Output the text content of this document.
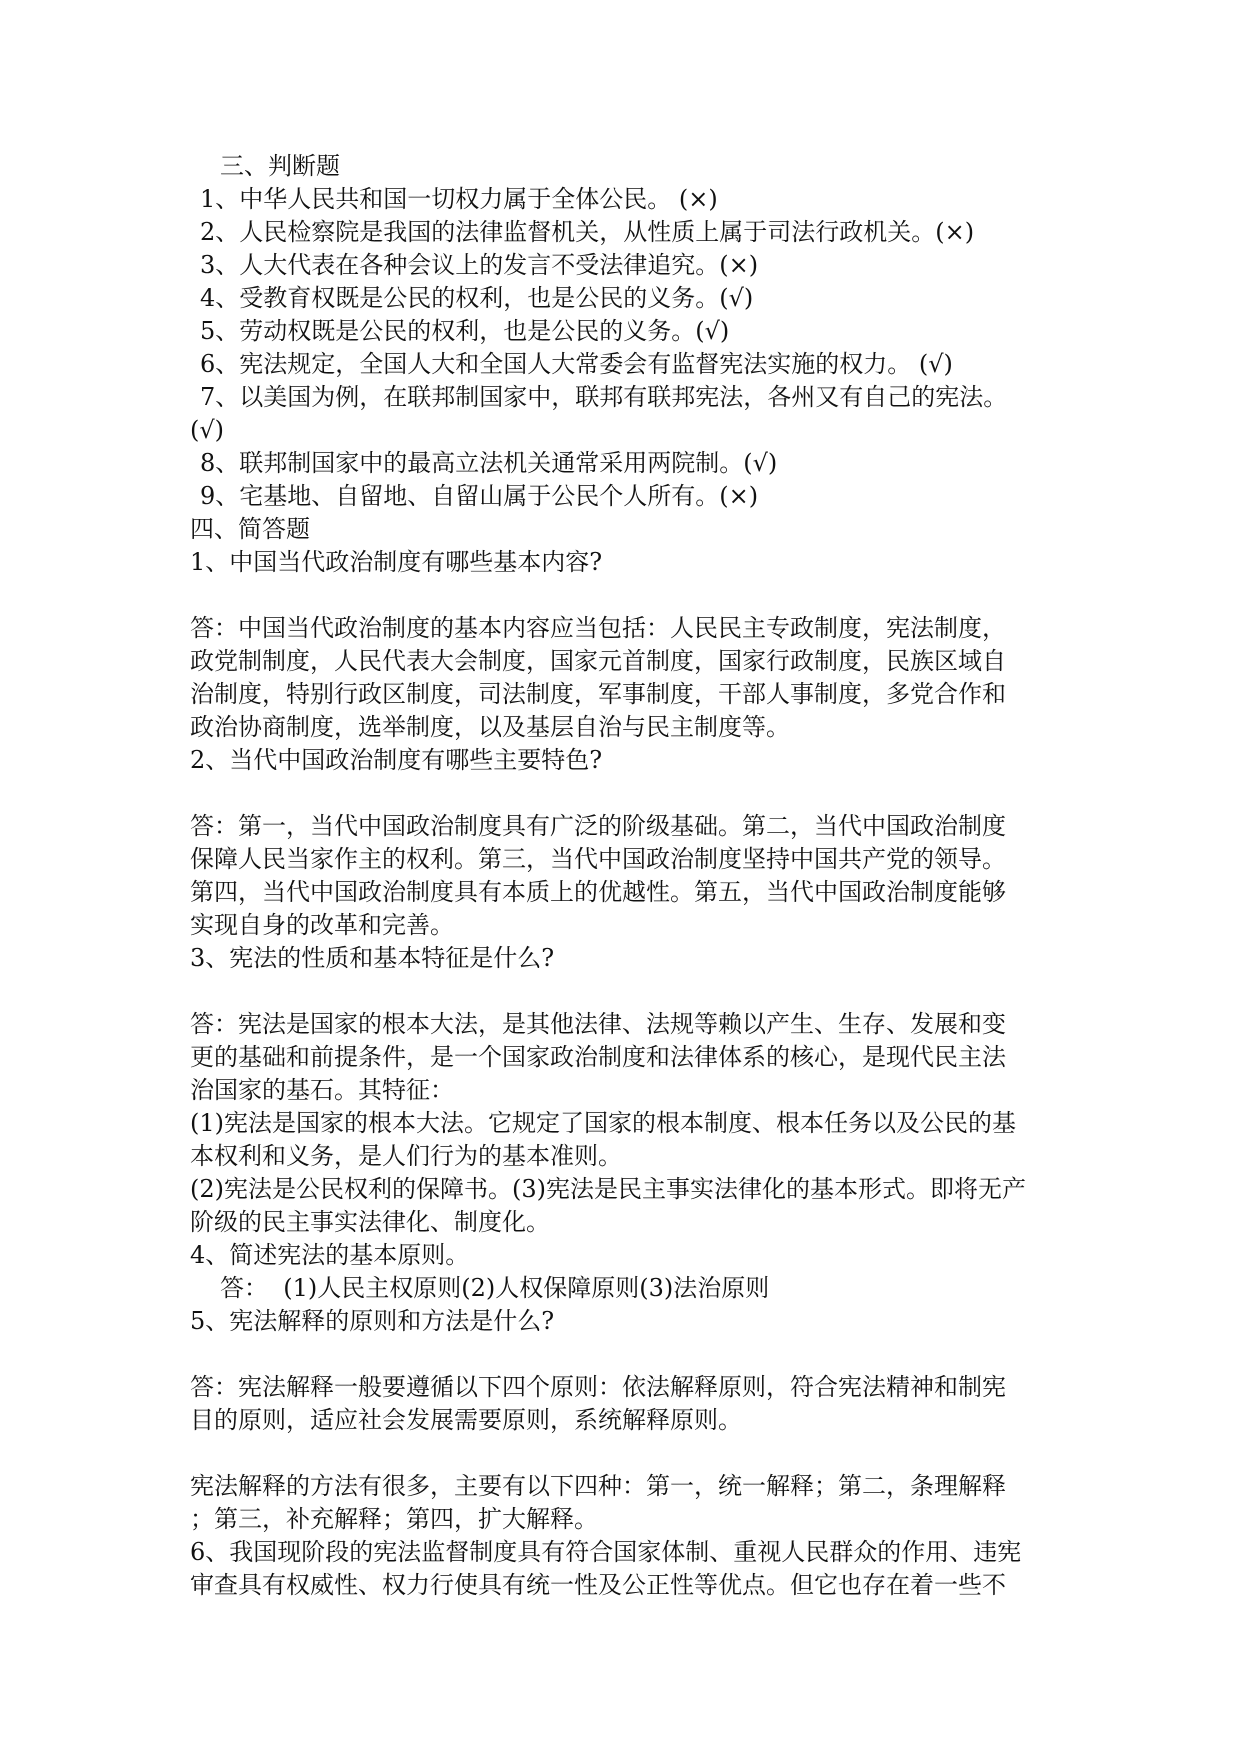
三、判断题
1、中华人民共和国一切权力属于全体公民。 (×)
2、人民检察院是我国的法律监督机关，从性质上属于司法行政机关。(×)
3、人大代表在各种会议上的发言不受法律追究。(×)
4、受教育权既是公民的权利，也是公民的义务。(√)
5、劳动权既是公民的权利，也是公民的义务。(√)
6、宪法规定，全国人大和全国人大常委会有监督宪法实施的权力。 (√)
7、以美国为例，在联邦制国家中，联邦有联邦宪法，各州又有自己的宪法。
(√)
8、联邦制国家中的最高立法机关通常采用两院制。(√)
9、宅基地、自留地、自留山属于公民个人所有。(×)
四、简答题
1、中国当代政治制度有哪些基本内容?
答：中国当代政治制度的基本内容应当包括：人民民主专政制度，宪法制度，
政党制制度，人民代表大会制度，国家元首制度，国家行政制度，民族区域自
治制度，特别行政区制度，司法制度，军事制度，干部人事制度，多党合作和
政治协商制度，选举制度，以及基层自治与民主制度等。
2、当代中国政治制度有哪些主要特色?
答：第一，当代中国政治制度具有广泛的阶级基础。第二，当代中国政治制度
保障人民当家作主的权利。第三，当代中国政治制度坚持中国共产党的领导。
第四，当代中国政治制度具有本质上的优越性。第五，当代中国政治制度能够
实现自身的改革和完善。
3、宪法的性质和基本特征是什么?
答：宪法是国家的根本大法，是其他法律、法规等赖以产生、生存、发展和变
更的基础和前提条件，是一个国家政治制度和法律体系的核心，是现代民主法
治国家的基石。其特征：
(1)宪法是国家的根本大法。它规定了国家的根本制度、根本任务以及公民的基
本权利和义务，是人们行为的基本准则。
(2)宪法是公民权利的保障书。(3)宪法是民主事实法律化的基本形式。即将无产
阶级的民主事实法律化、制度化。
4、简述宪法的基本原则。
答：  (1)人民主权原则(2)人权保障原则(3)法治原则
5、宪法解释的原则和方法是什么?
答：宪法解释一般要遵循以下四个原则：依法解释原则，符合宪法精神和制宪
目的原则，适应社会发展需要原则，系统解释原则。
宪法解释的方法有很多，主要有以下四种：第一，统一解释；第二，条理解释
；第三，补充解释；第四，扩大解释。
6、我国现阶段的宪法监督制度具有符合国家体制、重视人民群众的作用、违宪
审查具有权威性、权力行使具有统一性及公正性等优点。但它也存在着一些不
